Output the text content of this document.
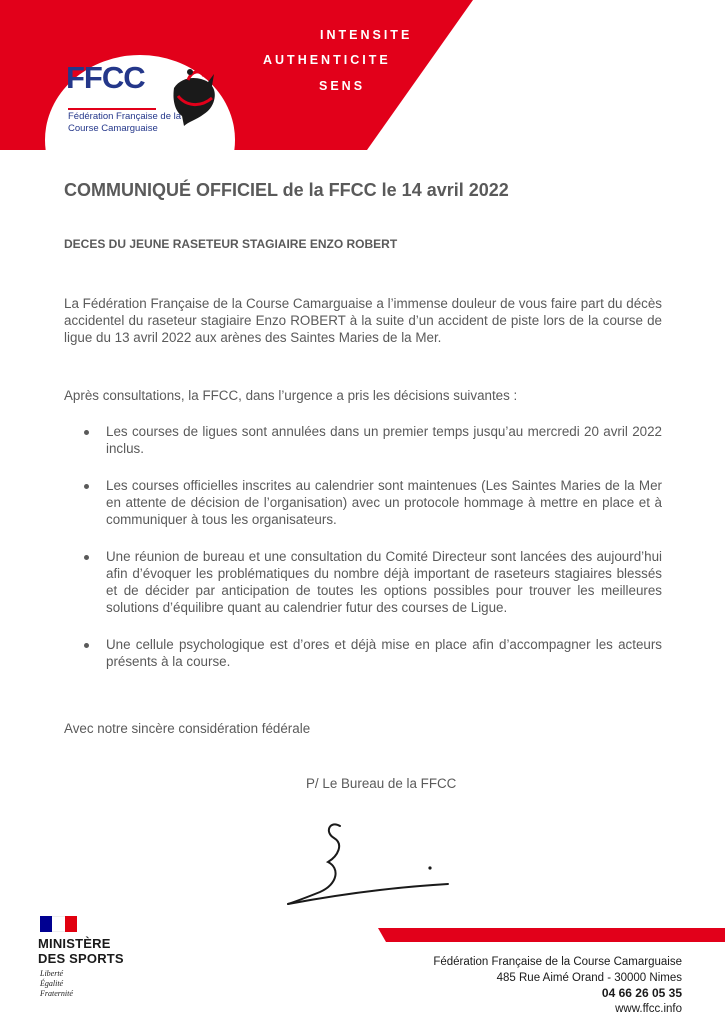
INTENSITE
AUTHENTICITE
SENS
FFCC
Fédération Française de la
Course Camarguaise
COMMUNIQUÉ OFFICIEL de la FFCC le 14 avril 2022
DECES DU JEUNE RASETEUR STAGIAIRE ENZO ROBERT
La Fédération Française de la Course Camarguaise a l’immense douleur de vous faire part du décès accidentel du raseteur stagiaire Enzo ROBERT à la suite d’un accident de piste lors de la course de ligue du 13 avril 2022 aux arènes des Saintes Maries de la Mer.
Après consultations, la FFCC, dans l’urgence a pris les décisions suivantes :
Les courses de ligues sont annulées dans un premier temps jusqu’au mercredi 20 avril 2022 inclus.
Les courses officielles inscrites au calendrier sont maintenues (Les Saintes Maries de la Mer en attente de décision de l’organisation) avec un protocole hommage à mettre en place et à communiquer à tous les organisateurs.
Une réunion de bureau et une consultation du Comité Directeur sont lancées des aujourd’hui afin d’évoquer les problématiques du nombre déjà important de raseteurs stagiaires blessés et de décider par anticipation de toutes les options possibles pour trouver les meilleures solutions d’équilibre quant au calendrier futur des courses de Ligue.
Une cellule psychologique est d’ores et déjà mise en place afin d’accompagner les acteurs présents à la course.
Avec notre sincère considération fédérale
P/ Le Bureau de la FFCC
MINISTÈRE
DES SPORTS
Liberté
Égalité
Fraternité
Fédération Française de la Course Camarguaise
485 Rue Aimé Orand - 30000 Nimes
04 66 26 05 35
www.ffcc.info
